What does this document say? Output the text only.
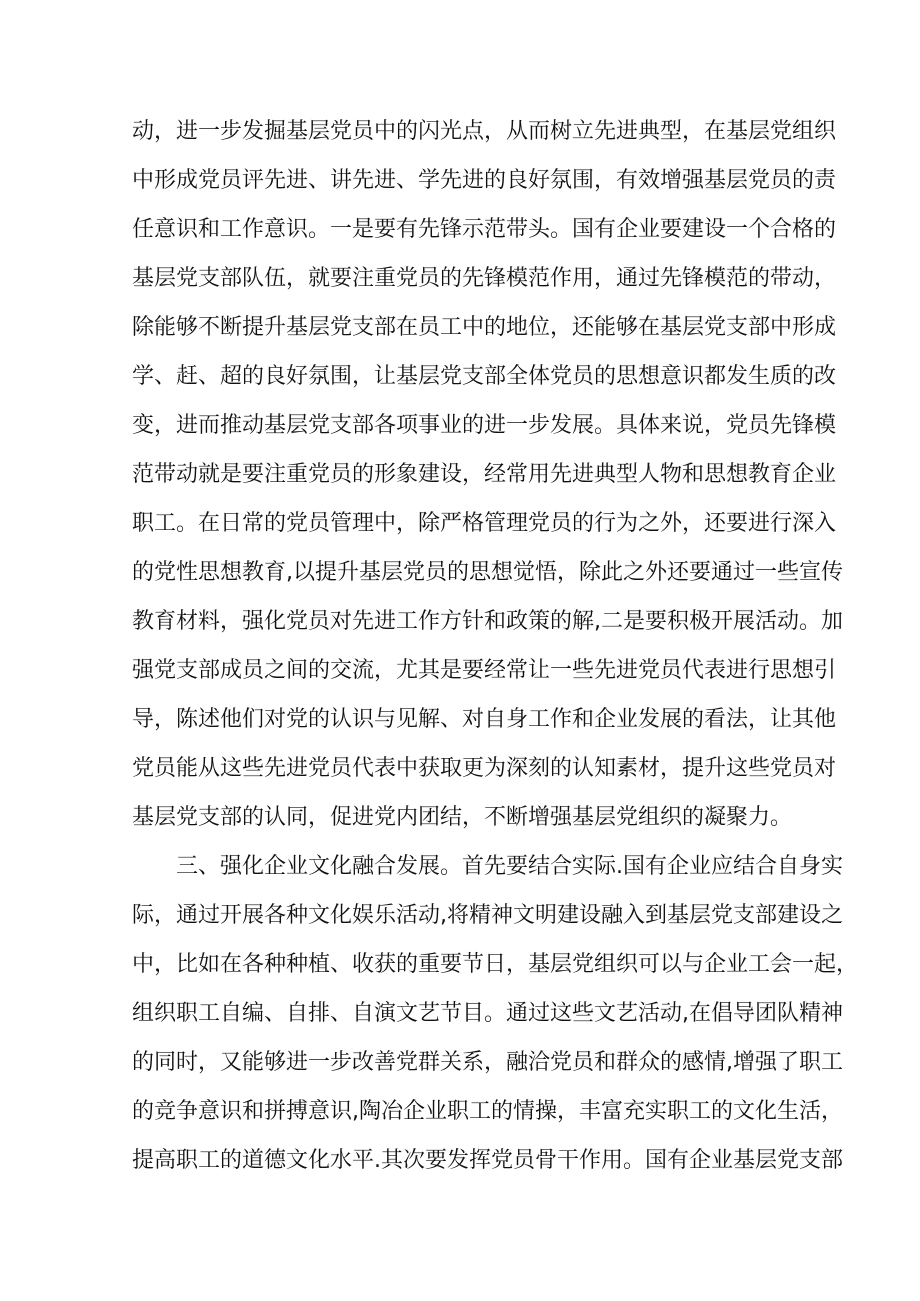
动，进一步发掘基层党员中的闪光点，从而树立先进典型，在基层党组织
中形成党员评先进、讲先进、学先进的良好氛围，有效增强基层党员的责
任意识和工作意识。一是要有先锋示范带头。国有企业要建设一个合格的
基层党支部队伍，就要注重党员的先锋模范作用，通过先锋模范的带动，
除能够不断提升基层党支部在员工中的地位，还能够在基层党支部中形成
学、赶、超的良好氛围，让基层党支部全体党员的思想意识都发生质的改
变，进而推动基层党支部各项事业的进一步发展。具体来说，党员先锋模
范带动就是要注重党员的形象建设，经常用先进典型人物和思想教育企业
职工。在日常的党员管理中，除严格管理党员的行为之外，还要进行深入
的党性思想教育,以提升基层党员的思想觉悟，除此之外还要通过一些宣传
教育材料，强化党员对先进工作方针和政策的解,二是要积极开展活动。加
强党支部成员之间的交流，尤其是要经常让一些先进党员代表进行思想引
导，陈述他们对党的认识与见解、对自身工作和企业发展的看法，让其他
党员能从这些先进党员代表中获取更为深刻的认知素材，提升这些党员对
基层党支部的认同，促进党内团结，不断增强基层党组织的凝聚力。
三、强化企业文化融合发展。首先要结合实际.国有企业应结合自身实
际，通过开展各种文化娱乐活动,将精神文明建设融入到基层党支部建设之
中，比如在各种种植、收获的重要节日，基层党组织可以与企业工会一起，
组织职工自编、自排、自演文艺节目。通过这些文艺活动,在倡导团队精神
的同时，又能够进一步改善党群关系，融洽党员和群众的感情,增强了职工
的竞争意识和拼搏意识,陶冶企业职工的情操，丰富充实职工的文化生活，
提高职工的道德文化水平.其次要发挥党员骨干作用。国有企业基层党支部
